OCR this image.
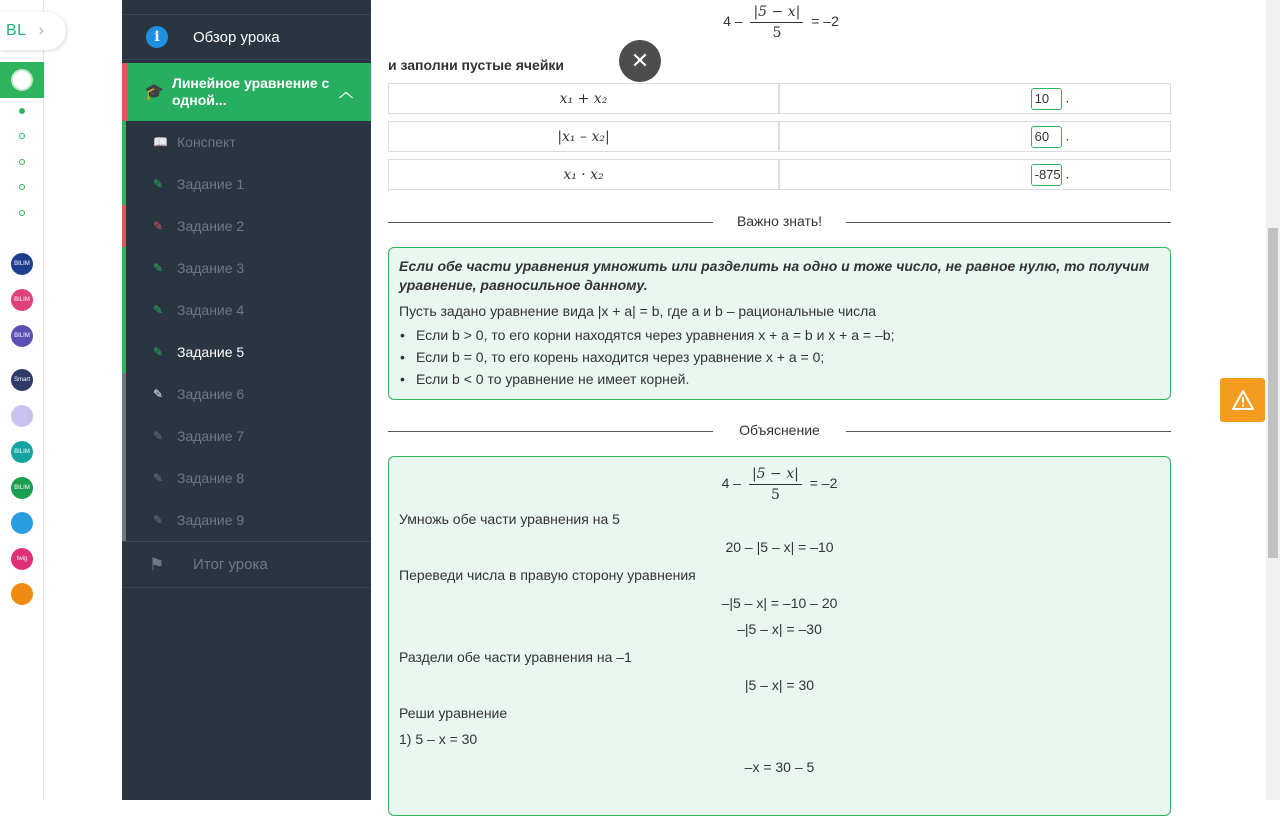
BL ›
BILIM
BILIM
BILIM
Smart
BILIM
BILIM
twig
i	Обзор урока
🎓
Линейное уравнение с одной...	︿
📖 Конспект
✎ Задание 1
✎ Задание 2
✎ Задание 3
✎ Задание 4
✎ Задание 5
✎ Задание 6
✎ Задание 7
✎ Задание 8
✎ Задание 9
⚑ Итог урока
$4 - \frac{|5 - x|}{5} = -2$
и заполни пустые ячейки	✕
x₁ + x₂	10 .
|x₁ – x₂|	60 .
x₁ · x₂	-875 .
Важно знать!
Если обе части уравнения умножить или разделить на одно и тоже число, не равное нулю, то получим уравнение, равносильное данному.
Пусть задано уравнение вида |x + a| = b, где a и b – рациональные числа
• Если b > 0, то его корни находятся через уравнения x + a = b и x + a = –b;
• Если b = 0, то его корень находится через уравнение x + a = 0;
• Если b < 0 то уравнение не имеет корней.
Объяснение
$4 - \frac{|5 - x|}{5} = -2$
Умножь обе части уравнения на 5
20 – |5 – x| = –10
Переведи числа в правую сторону уравнения
–|5 – x| = –10 – 20
–|5 – x| = –30
Раздели обе части уравнения на –1
|5 – x| = 30
Реши уравнение
1) 5 – x = 30
–x = 30 – 5
